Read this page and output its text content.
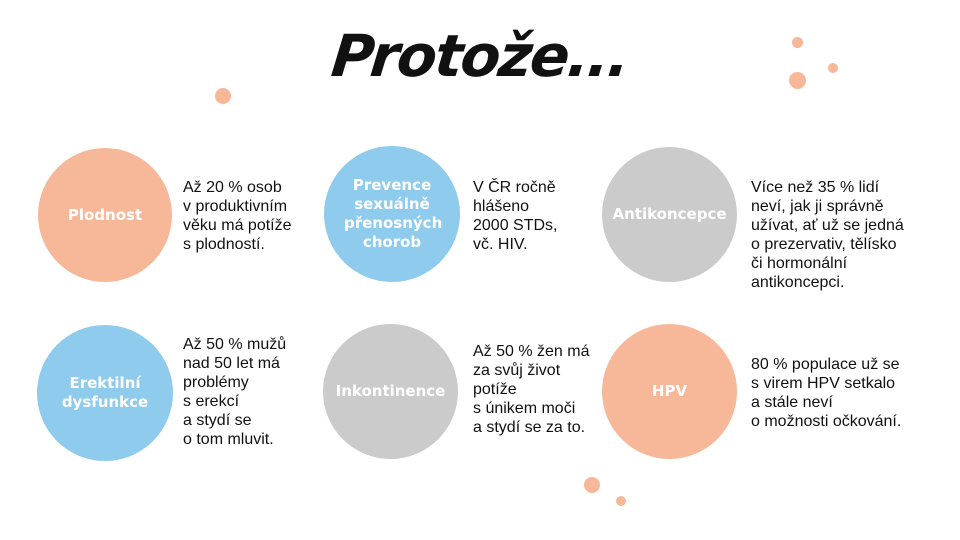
Protože...
Plodnost
Až 20 % osob
v produktivním
věku má potíže
s plodností.
Prevence sexuálně přenosných chorob
V ČR ročně
hlášeno
2000 STDs,
vč. HIV.
Antikoncepce
Více než 35 % lidí
neví, jak ji správně
užívat, ať už se jedná
o prezervativ, tělísko
či hormonální
antikoncepci.
Erektilní dysfunkce
Až 50 % mužů
nad 50 let má
problémy
s erekcí
a stydí se
o tom mluvit.
Inkontinence
Až 50 % žen má
za svůj život
potíže
s únikem moči
a stydí se za to.
HPV
80 % populace už se
s virem HPV setkalo
a stále neví
o možnosti očkování.
